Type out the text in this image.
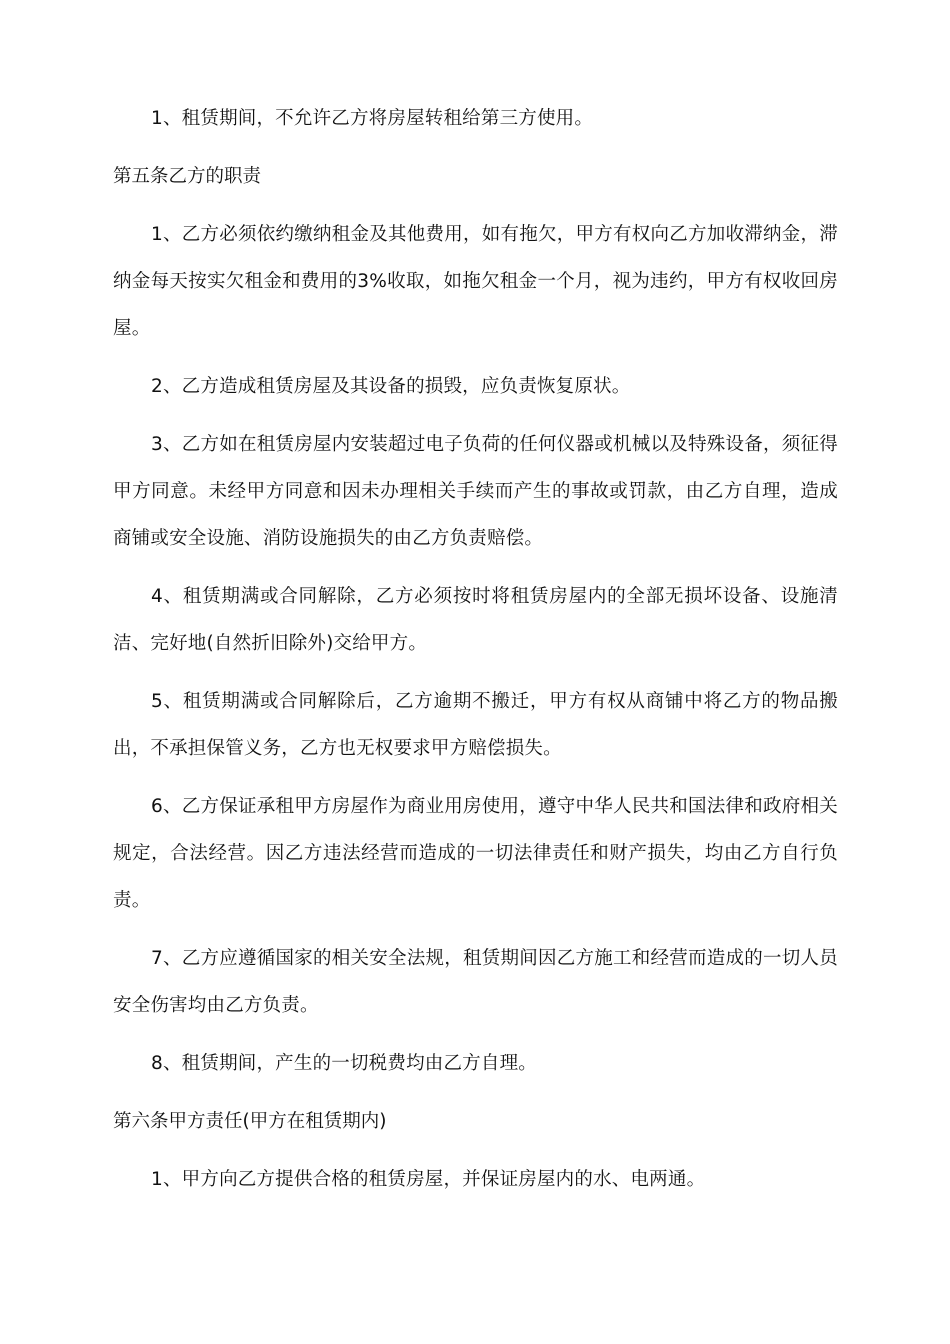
1、租赁期间，不允许乙方将房屋转租给第三方使用。

第五条乙方的职责

1、乙方必须依约缴纳租金及其他费用，如有拖欠，甲方有权向乙方加收滞纳金，滞纳金每天按实欠租金和费用的3%收取，如拖欠租金一个月，视为违约，甲方有权收回房屋。

2、乙方造成租赁房屋及其设备的损毁，应负责恢复原状。

3、乙方如在租赁房屋内安装超过电子负荷的任何仪器或机械以及特殊设备，须征得甲方同意。未经甲方同意和因未办理相关手续而产生的事故或罚款，由乙方自理，造成商铺或安全设施、消防设施损失的由乙方负责赔偿。

4、租赁期满或合同解除，乙方必须按时将租赁房屋内的全部无损坏设备、设施清洁、完好地(自然折旧除外)交给甲方。

5、租赁期满或合同解除后，乙方逾期不搬迁，甲方有权从商铺中将乙方的物品搬出，不承担保管义务，乙方也无权要求甲方赔偿损失。

6、乙方保证承租甲方房屋作为商业用房使用，遵守中华人民共和国法律和政府相关规定，合法经营。因乙方违法经营而造成的一切法律责任和财产损失，均由乙方自行负责。

7、乙方应遵循国家的相关安全法规，租赁期间因乙方施工和经营而造成的一切人员安全伤害均由乙方负责。

8、租赁期间，产生的一切税费均由乙方自理。

第六条甲方责任(甲方在租赁期内)

1、甲方向乙方提供合格的租赁房屋，并保证房屋内的水、电两通。
